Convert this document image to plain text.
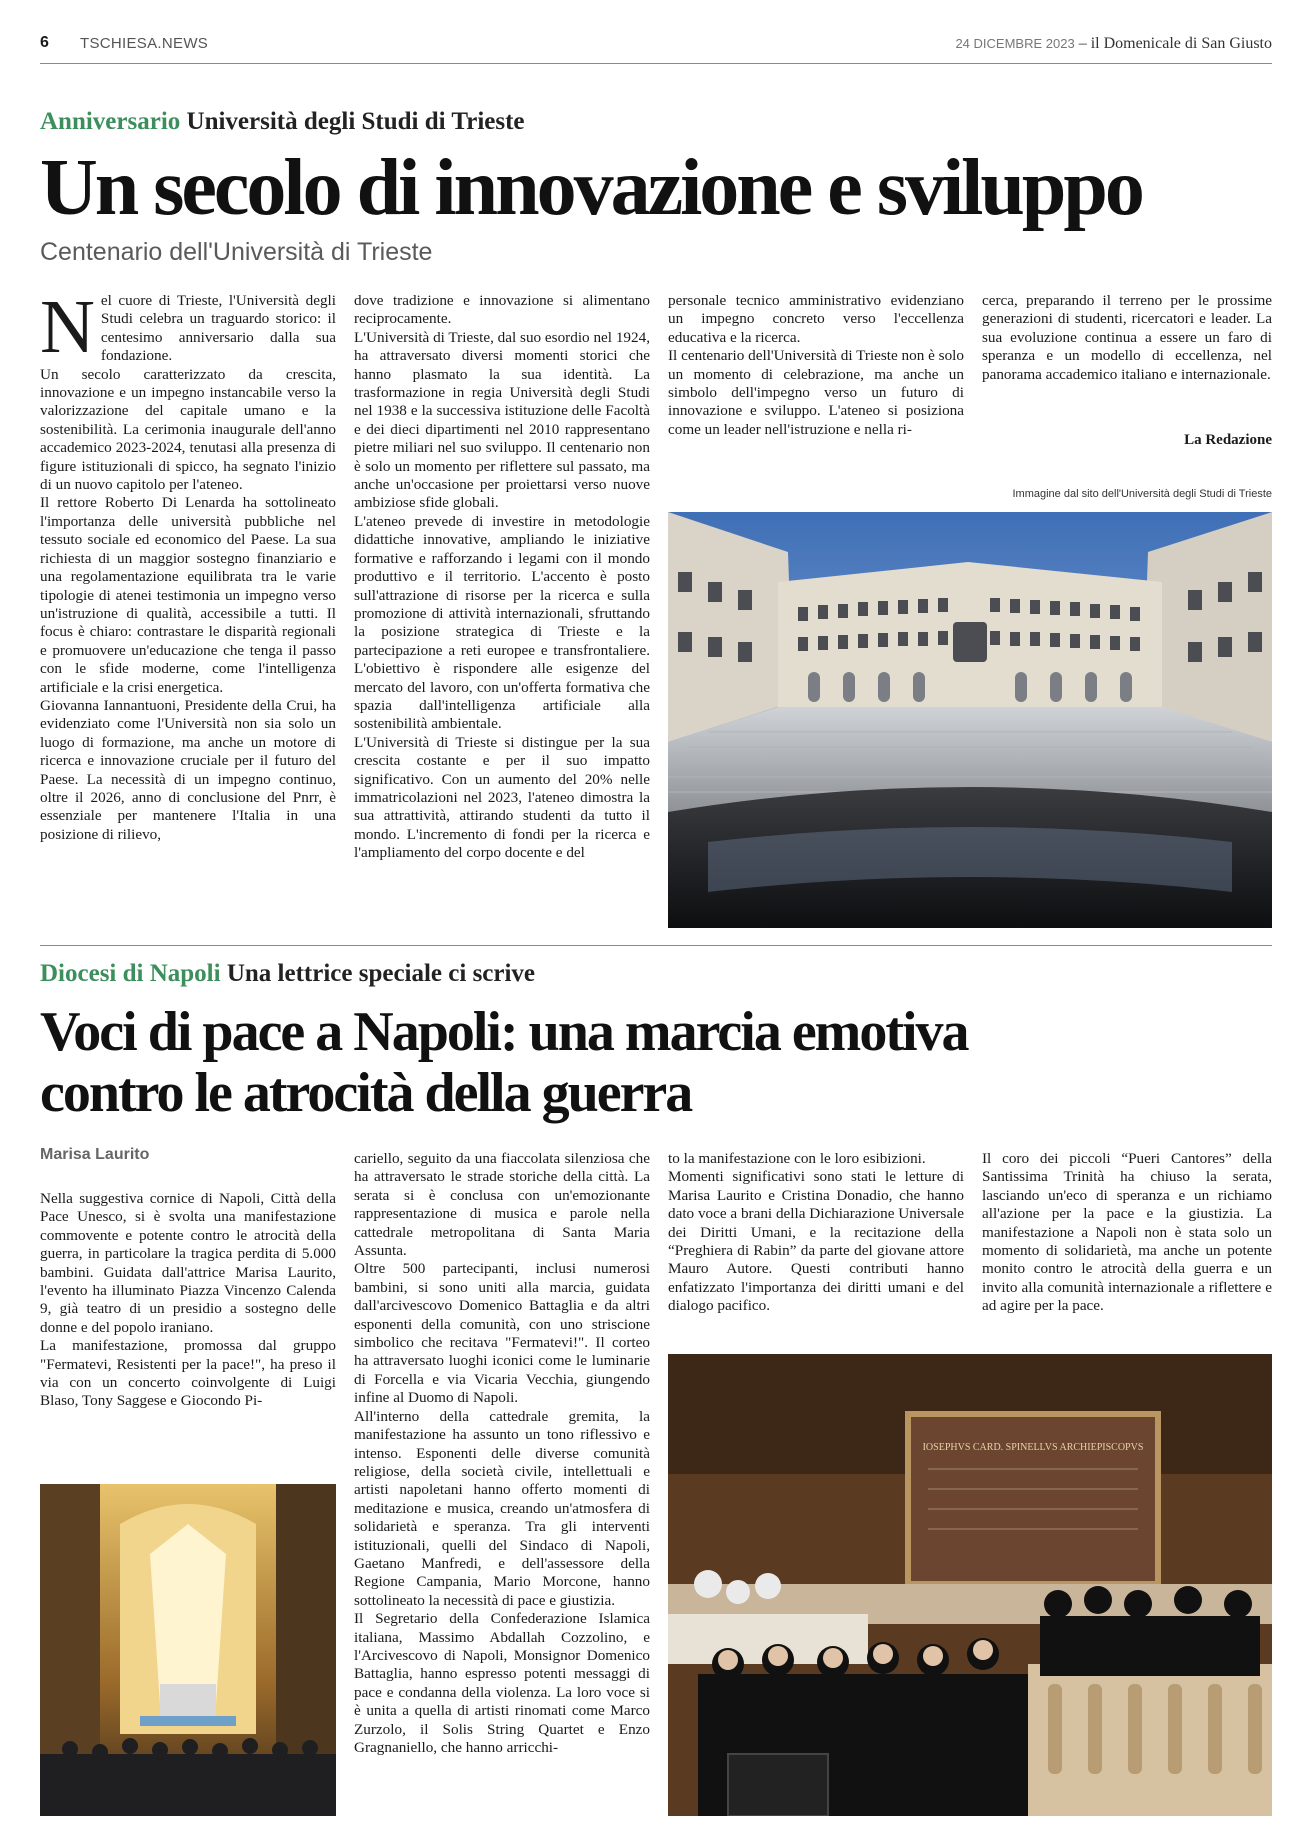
6 TSCHIESA.NEWS	24 DICEMBRE 2023 – il Domenicale di San Giusto
Anniversario Università degli Studi di Trieste
Un secolo di innovazione e sviluppo
Centenario dell'Università di Trieste
N el cuore di Trieste, l'Università degli Studi celebra un traguardo storico: il centesimo anniversario dalla sua fondazione.

Un secolo caratterizzato da crescita, innovazione e un impegno instancabile verso la valorizzazione del capitale umano e la sostenibilità. La cerimonia inaugurale dell'anno accademico 2023-2024, tenutasi alla presenza di figure istituzionali di spicco, ha segnato l'inizio di un nuovo capitolo per l'ateneo.

Il rettore Roberto Di Lenarda ha sottolineato l'importanza delle università pubbliche nel tessuto sociale ed economico del Paese. La sua richiesta di un maggior sostegno finanziario e una regolamentazione equilibrata tra le varie tipologie di atenei testimonia un impegno verso un'istruzione di qualità, accessibile a tutti. Il focus è chiaro: contrastare le disparità regionali e promuovere un'educazione che tenga il passo con le sfide moderne, come l'intelligenza artificiale e la crisi energetica.

Giovanna Iannantuoni, Presidente della Crui, ha evidenziato come l'Università non sia solo un luogo di formazione, ma anche un motore di ricerca e innovazione cruciale per il futuro del Paese. La necessità di un impegno continuo, oltre il 2026, anno di conclusione del Pnrr, è essenziale per mantenere l'Italia in una posizione di rilievo,

dove tradizione e innovazione si alimentano reciprocamente.

L'Università di Trieste, dal suo esordio nel 1924, ha attraversato diversi momenti storici che hanno plasmato la sua identità. La trasformazione in regia Università degli Studi nel 1938 e la successiva istituzione delle Facoltà e dei dieci dipartimenti nel 2010 rappresentano pietre miliari nel suo sviluppo. Il centenario non è solo un momento per riflettere sul passato, ma anche un'occasione per proiettarsi verso nuove ambiziose sfide globali.

L'ateneo prevede di investire in metodologie didattiche innovative, ampliando le iniziative formative e rafforzando i legami con il mondo produttivo e il territorio. L'accento è posto sull'attrazione di risorse per la ricerca e sulla promozione di attività internazionali, sfruttando la posizione strategica di Trieste e la partecipazione a reti europee e transfrontaliere. L'obiettivo è rispondere alle esigenze del mercato del lavoro, con un'offerta formativa che spazia dall'intelligenza artificiale alla sostenibilità ambientale.

L'Università di Trieste si distingue per la sua crescita costante e per il suo impatto significativo. Con un aumento del 20% nelle immatricolazioni nel 2023, l'ateneo dimostra la sua attrattività, attirando studenti da tutto il mondo. L'incremento di fondi per la ricerca e l'ampliamento del corpo docente e del

personale tecnico amministrativo evidenziano un impegno concreto verso l'eccellenza educativa e la ricerca.

Il centenario dell'Università di Trieste non è solo un momento di celebrazione, ma anche un simbolo dell'impegno verso un futuro di innovazione e sviluppo. L'ateneo si posiziona come un leader nell'istruzione e nella ri-

cerca, preparando il terreno per le prossime generazioni di studenti, ricercatori e leader. La sua evoluzione continua a essere un faro di speranza e un modello di eccellenza, nel panorama accademico italiano e internazionale.

La Redazione
Immagine dal sito dell'Università degli Studi di Trieste
Diocesi di Napoli Una lettrice speciale ci scrive
Voci di pace a Napoli: una marcia emotiva
contro le atrocità della guerra
Marisa Laurito

Nella suggestiva cornice di Napoli, Città della Pace Unesco, si è svolta una manifestazione commovente e potente contro le atrocità della guerra, in particolare la tragica perdita di 5.000 bambini. Guidata dall'attrice Marisa Laurito, l'evento ha illuminato Piazza Vincenzo Calenda 9, già teatro di un presidio a sostegno delle donne e del popolo iraniano.

La manifestazione, promossa dal gruppo "Fermatevi, Resistenti per la pace!", ha preso il via con un concerto coinvolgente di Luigi Blaso, Tony Saggese e Giocondo Pi-

cariello, seguito da una fiaccolata silenziosa che ha attraversato le strade storiche della città. La serata si è conclusa con un'emozionante rappresentazione di musica e parole nella cattedrale metropolitana di Santa Maria Assunta.

Oltre 500 partecipanti, inclusi numerosi bambini, si sono uniti alla marcia, guidata dall'arcivescovo Domenico Battaglia e da altri esponenti della comunità, con uno striscione simbolico che recitava "Fermatevi!". Il corteo ha attraversato luoghi iconici come le luminarie di Forcella e via Vicaria Vecchia, giungendo infine al Duomo di Napoli.

All'interno della cattedrale gremita, la manifestazione ha assunto un tono riflessivo e intenso. Esponenti delle diverse comunità religiose, della società civile, intellettuali e artisti napoletani hanno offerto momenti di meditazione e musica, creando un'atmosfera di solidarietà e speranza. Tra gli interventi istituzionali, quelli del Sindaco di Napoli, Gaetano Manfredi, e dell'assessore della Regione Campania, Mario Morcone, hanno sottolineato la necessità di pace e giustizia.

Il Segretario della Confederazione Islamica italiana, Massimo Abdallah Cozzolino, e l'Arcivescovo di Napoli, Monsignor Domenico Battaglia, hanno espresso potenti messaggi di pace e condanna della violenza. La loro voce si è unita a quella di artisti rinomati come Marco Zurzolo, il Solis String Quartet e Enzo Gragnaniello, che hanno arricchi-

to la manifestazione con le loro esibizioni.

Momenti significativi sono stati le letture di Marisa Laurito e Cristina Donadio, che hanno dato voce a brani della Dichiarazione Universale dei Diritti Umani, e la recitazione della “Preghiera di Rabin” da parte del giovane attore Mauro Autore. Questi contributi hanno enfatizzato l'importanza dei diritti umani e del dialogo pacifico.

Il coro dei piccoli “Pueri Cantores” della Santissima Trinità ha chiuso la serata, lasciando un'eco di speranza e un richiamo all'azione per la pace e la giustizia. La manifestazione a Napoli non è stata solo un momento di solidarietà, ma anche un potente monito contro le atrocità della guerra e un invito alla comunità internazionale a riflettere e ad agire per la pace.

IOSEPHVS CARD. SPINELLVS ARCHIEPISCOPVS
